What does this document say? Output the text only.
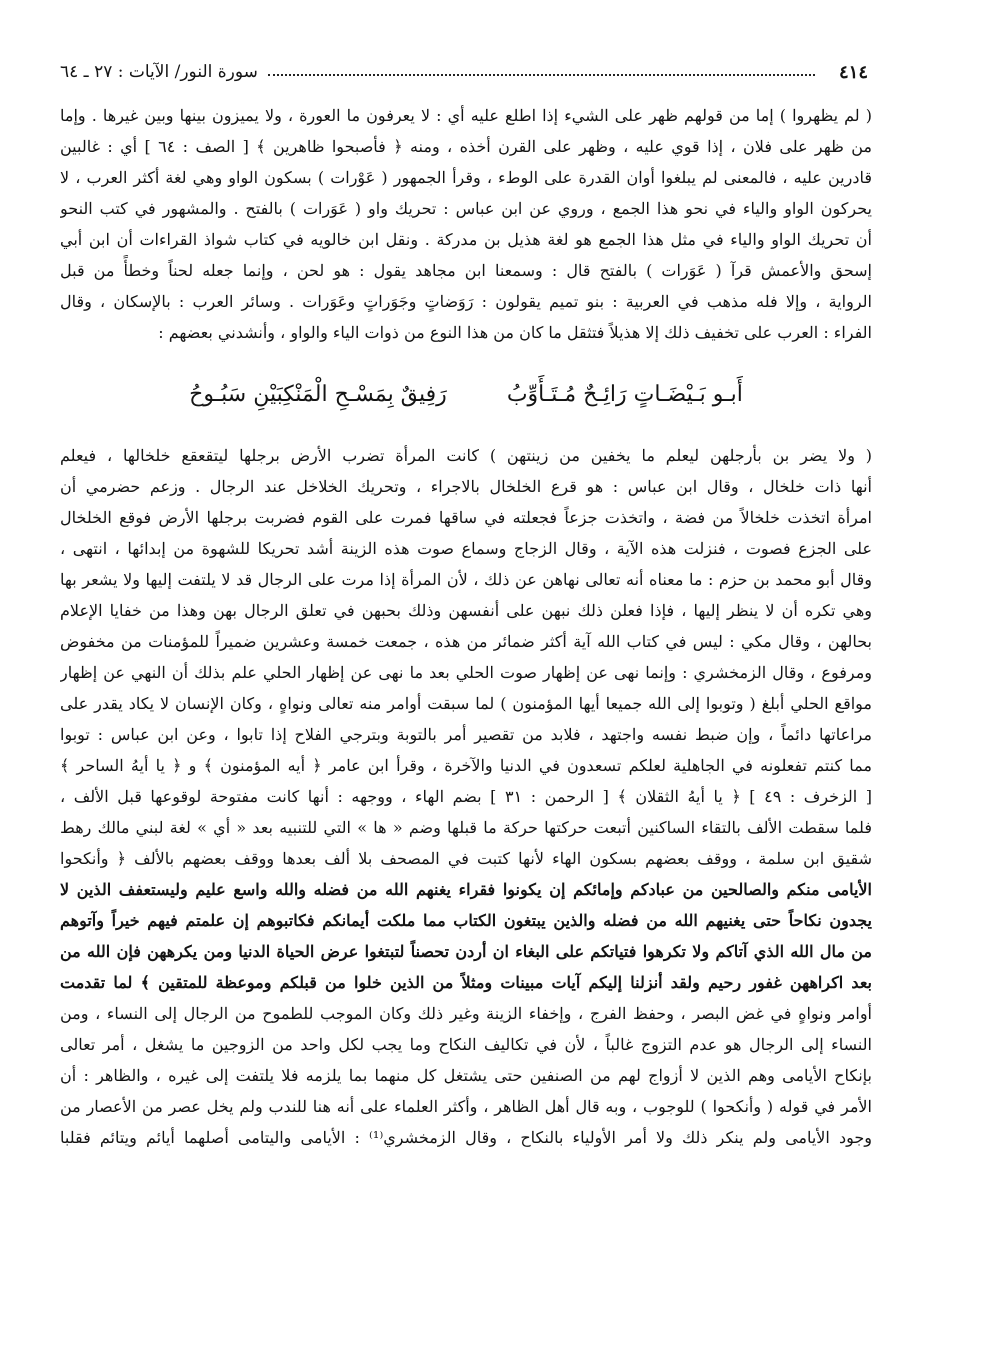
٤١٤
سورة النور/ الآيات : ٢٧ ـ ٦٤
( لم يظهروا ) إما من قولهم ظهر على الشيء إذا اطلع عليه أي : لا يعرفون ما العورة ، ولا يميزون بينها وبين غيرها . وإما
من ظهر على فلان ، إذا قوي عليه ، وظهر على القرن أخذه ، ومنه ﴿ فأصبحوا ظاهرين ﴾ [ الصف : ٦٤ ] أي : غالبين
قادرين عليه ، فالمعنى لم يبلغوا أوان القدرة على الوطء ، وقرأ الجمهور ( عَوْرات ) بسكون الواو وهي لغة أكثر العرب ، لا
يحركون الواو والياء في نحو هذا الجمع ، وروي عن ابن عباس : تحريك واو ( عَوَرات ) بالفتح . والمشهور في كتب النحو
أن تحريك الواو والياء في مثل هذا الجمع هو لغة هذيل بن مدركة . ونقل ابن خالويه في كتاب شواذ القراءات أن ابن أبي
إسحق والأعمش قرآ ( عَوَرات ) بالفتح قال : وسمعنا ابن مجاهد يقول : هو لحن ، وإنما جعله لحناً وخطأً من قبل
الرواية ، وإلا فله مذهب في العربية : بنو تميم يقولون : رَوَضاتٍ وجَوَراتٍ وعَوَرات . وسائر العرب : بالإسكان ، وقال
الفراء : العرب على تخفيف ذلك إلا هذيلاً فتثقل ما كان من هذا النوع من ذوات الياء والواو ، وأنشدني بعضهم :
أَبـو بَـيْضَـاتٍ رَائِـحٌ مُـتَـأَوِّبُ
رَفِيقٌ بِمَسْـحِ الْمَنْكِبَيْنِ سَبُـوحُ
( ولا يضر بن بأرجلهن ليعلم ما يخفين من زينتهن ) كانت المرأة تضرب الأرض برجلها ليتقعقع خلخالها ، فيعلم
أنها ذات خلخال ، وقال ابن عباس : هو قرع الخلخال بالاجراء ، وتحريك الخلاخل عند الرجال . وزعم حضرمي أن
امرأة اتخذت خلخالاً من فضة ، واتخذت جزعاً فجعلته في ساقها فمرت على القوم فضربت برجلها الأرض فوقع الخلخال
على الجزع فصوت ، فنزلت هذه الآية ، وقال الزجاج وسماع صوت هذه الزينة أشد تحريكا للشهوة من إبدائها ، انتهى ،
وقال أبو محمد بن حزم : ما معناه أنه تعالى نهاهن عن ذلك ، لأن المرأة إذا مرت على الرجال قد لا يلتفت إليها ولا يشعر بها
وهي تكره أن لا ينظر إليها ، فإذا فعلن ذلك نبهن على أنفسهن وذلك بحبهن في تعلق الرجال بهن وهذا من خفايا الإعلام
بحالهن ، وقال مكي : ليس في كتاب الله آية أكثر ضمائر من هذه ، جمعت خمسة وعشرين ضميراً للمؤمنات من مخفوض
ومرفوع ، وقال الزمخشري : وإنما نهى عن إظهار صوت الحلي بعد ما نهى عن إظهار الحلي علم بذلك أن النهي عن إظهار
مواقع الحلي أبلغ ( وتوبوا إلى الله جميعا أيها المؤمنون ) لما سبقت أوامر منه تعالى ونواهٍ ، وكان الإنسان لا يكاد يقدر على
مراعاتها دائماً ، وإن ضبط نفسه واجتهد ، فلابد من تقصير أمر بالتوبة وبترجي الفلاح إذا تابوا ، وعن ابن عباس : توبوا
مما كنتم تفعلونه في الجاهلية لعلكم تسعدون في الدنيا والآخرة ، وقرأ ابن عامر ﴿ أيه المؤمنون ﴾ و ﴿ يا أيهُ الساحر ﴾
[ الزخرف : ٤٩ ] ﴿ يا أيهُ الثقلان ﴾ [ الرحمن : ٣١ ] بضم الهاء ، ووجهه : أنها كانت مفتوحة لوقوعها قبل الألف ،
فلما سقطت الألف بالتقاء الساكنين أتبعت حركتها حركة ما قبلها وضم « ها » التي للتنبيه بعد « أي » لغة لبني مالك رهط
شقيق ابن سلمة ، ووقف بعضهم بسكون الهاء لأنها كتبت في المصحف بلا ألف بعدها ووقف بعضهم بالألف ﴿ وأنكحوا
الأيامى منكم والصالحين من عبادكم وإمائكم إن يكونوا فقراء يغنهم الله من فضله والله واسع عليم وليستعفف الذين لا
يجدون نكاحاً حتى يغنيهم الله من فضله والذين يبتغون الكتاب مما ملكت أيمانكم فكاتبوهم إن علمتم فيهم خيراً وآتوهم
من مال الله الذي آتاكم ولا تكرهوا فتياتكم على البغاء ان أردن تحصناً لتبتغوا عرض الحياة الدنيا ومن يكرههن فإن الله من
بعد اكراههن غفور رحيم ولقد أنزلنا إليكم آيات مبينات ومثلاً من الذين خلوا من قبلكم وموعظة للمتقين ﴾ لما تقدمت
أوامر ونواهٍ في غض البصر ، وحفظ الفرج ، وإخفاء الزينة وغير ذلك وكان الموجب للطموح من الرجال إلى النساء ، ومن
النساء إلى الرجال هو عدم التزوج غالباً ، لأن في تكاليف النكاح وما يجب لكل واحد من الزوجين ما يشغل ، أمر تعالى
بإنكاح الأيامى وهم الذين لا أزواج لهم من الصنفين حتى يشتغل كل منهما بما يلزمه فلا يلتفت إلى غيره ، والظاهر : أن
الأمر في قوله ( وأنكحوا ) للوجوب ، وبه قال أهل الظاهر ، وأكثر العلماء على أنه هنا للندب ولم يخل عصر من الأعصار من
وجود الأيامى ولم ينكر ذلك ولا أمر الأولياء بالنكاح ، وقال الزمخشري⁽¹⁾ : الأيامى واليتامى أصلهما أيائم ويتائم فقلبا
